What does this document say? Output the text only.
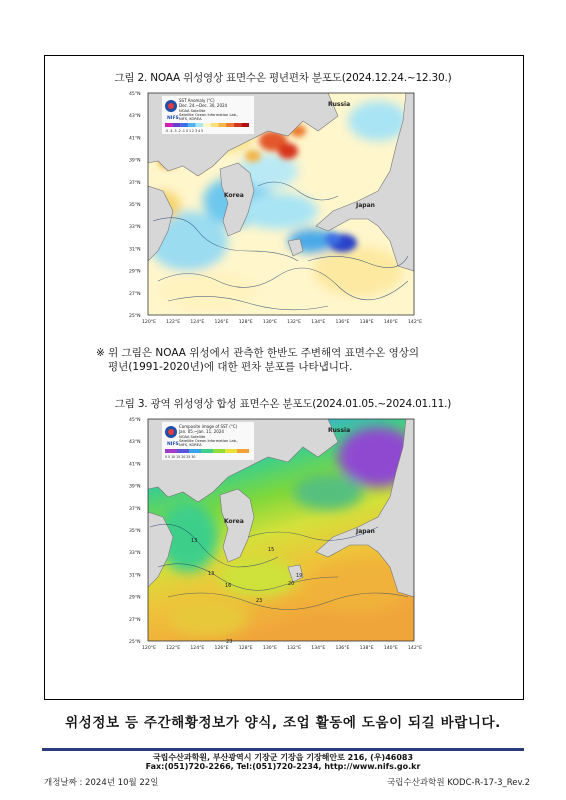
그림 2. NOAA 위성영상 표면수온 평년편차 분포도(2024.12.24.~12.30.)
NIFS
SST Anomaly (°C)
Dec. 24.~Dec. 30, 2024
NOAA Satellite
Satellite Ocean Information Lab.,
NIFS, KOREA
-5 -4 -3 -2 -1 0 1 2 3 4 5
Russia
Korea
Japan
45°N
43°N
41°N
39°N
37°N
35°N
33°N
31°N
29°N
27°N
25°N
120°E 122°E 124°E 126°E 128°E 130°E 132°E 134°E 136°E 138°E 140°E 142°E
※ 위 그림은 NOAA 위성에서 관측한 한반도 주변해역 표면수온 영상의
평년(1991-2020년)에 대한 편차 분포를 나타냅니다.
그림 3. 광역 위성영상 합성 표면수온 분포도(2024.01.05.~2024.01.11.)
13
13
15
16
19
20
23
23
NIFS
Composite image of SST (°C)
Jan. 05.~Jan. 11, 2024
NOAA Satellite
Satellite Ocean Information Lab.,
NIFS, KOREA
0 5 10 15 20 25 30
Russia
Korea
Japan
45°N
43°N
41°N
39°N
37°N
35°N
33°N
31°N
29°N
27°N
25°N
120°E 122°E 124°E 126°E 128°E 130°E 132°E 134°E 136°E 138°E 140°E 142°E
위성정보 등 주간해황정보가 양식, 조업 활동에 도움이 되길 바랍니다.
국립수산과학원, 부산광역시 기장군 기장읍 기장해안로 216, (우)46083
Fax:(051)720-2266, Tel:(051)720-2234, http://www.nifs.go.kr
개정날짜 : 2024년 10월 22일	국립수산과학원 KODC-R-17-3_Rev.2
